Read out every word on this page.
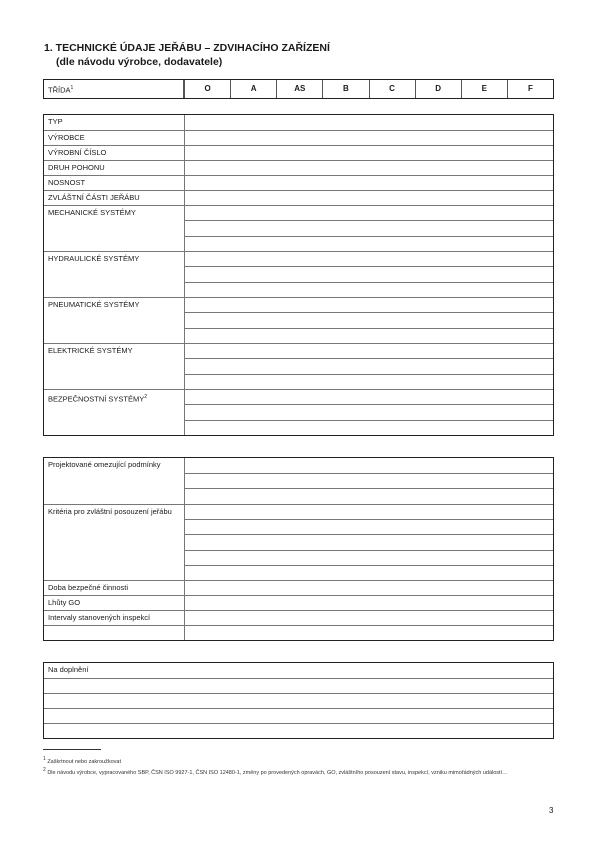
1. TECHNICKÉ ÚDAJE JEŘÁBU – ZDVIHACÍHO ZAŘÍZENÍ
(dle návodu výrobce, dodavatele)
TŘÍDA$^1$	O	A	AS	B	C	D	E	F
TYP
VÝROBCE
VÝROBNÍ ČÍSLO
DRUH POHONU
NOSNOST
ZVLÁŠTNÍ ČÁSTI JEŘÁBU
MECHANICKÉ SYSTÉMY
HYDRAULICKÉ SYSTÉMY
PNEUMATICKÉ SYSTÉMY
ELEKTRICKÉ SYSTÉMY
BEZPEČNOSTNÍ SYSTÉMY$^2$
Projektované omezující podmínky
Kritéria pro zvláštní posouzení jeřábu
Doba bezpečné činnosti
Lhůty GO
Intervaly stanovených inspekcí
Na doplnění
$^1$ Zaškrtnout nebo zakroužkovat
$^2$ Dle návodu výrobce, vypracovaného SBP, ČSN ISO 9927-1, ČSN ISO 12480-1, změny po provedených opravách, GO, zvláštního posouzení stavu, inspekcí, vzniku mimořádných událostí…
3
